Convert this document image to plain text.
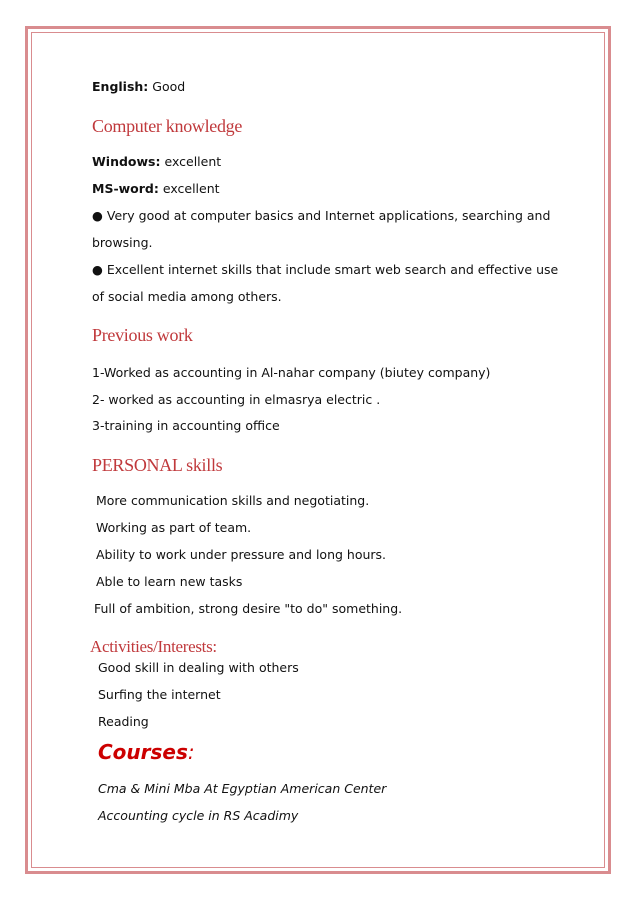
English: Good
Computer knowledge
Windows: excellent
MS-word: excellent
● Very good at computer basics and Internet applications, searching and
browsing.
● Excellent internet skills that include smart web search and effective use
of social media among others.
Previous work
1-Worked as accounting in Al-nahar company (biutey company)
2- worked as accounting in elmasrya electric .
3-training in accounting office
PERSONAL skills
More communication skills and negotiating.
Working as part of team.
Ability to work under pressure and long hours.
Able to learn new tasks
Full of ambition, strong desire "to do" something.
Activities/Interests:
Good skill in dealing with others
Surfing the internet
Reading
Courses:
Cma & Mini Mba At Egyptian American Center
Accounting cycle in RS Acadimy
